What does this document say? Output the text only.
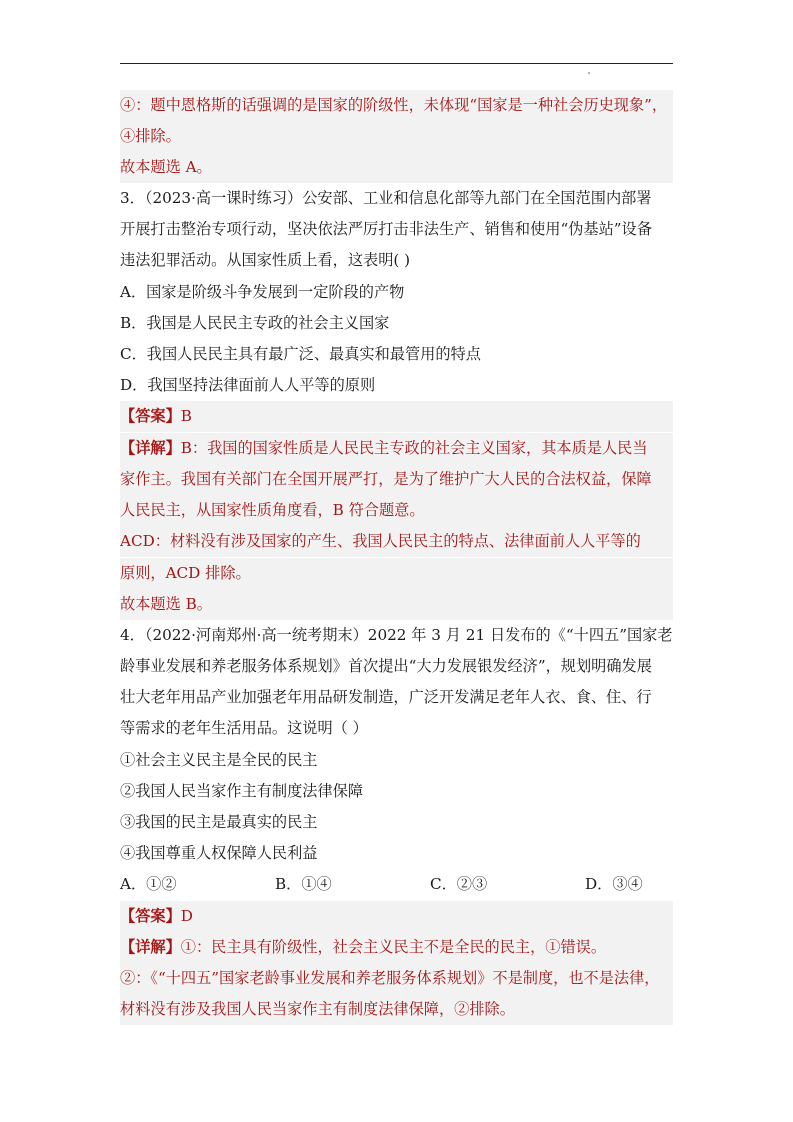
④：题中恩格斯的话强调的是国家的阶级性，未体现“国家是一种社会历史现象”，
④排除。
故本题选 A。
3．（2023·高一课时练习）公安部、工业和信息化部等九部门在全国范围内部署
开展打击整治专项行动，坚决依法严厉打击非法生产、销售和使用“伪基站”设备
违法犯罪活动。从国家性质上看，这表明( )
A．国家是阶级斗争发展到一定阶段的产物
B．我国是人民民主专政的社会主义国家
C．我国人民民主具有最广泛、最真实和最管用的特点
D．我国坚持法律面前人人平等的原则
【答案】B
【详解】B：我国的国家性质是人民民主专政的社会主义国家，其本质是人民当
家作主。我国有关部门在全国开展严打，是为了维护广大人民的合法权益，保障
人民民主，从国家性质角度看，B 符合题意。
ACD：材料没有涉及国家的产生、我国人民民主的特点、法律面前人人平等的
原则，ACD 排除。
故本题选 B。
4．（2022·河南郑州·高一统考期末）2022 年 3 月 21 日发布的《“十四五”国家老
龄事业发展和养老服务体系规划》首次提出“大力发展银发经济”，规划明确发展
壮大老年用品产业加强老年用品研发制造，广泛开发满足老年人衣、食、住、行
等需求的老年生活用品。这说明（ ）
①社会主义民主是全民的民主
②我国人民当家作主有制度法律保障
③我国的民主是最真实的民主
④我国尊重人权保障人民利益
A．①②	B．①④	C．②③	D．③④
【答案】D
【详解】①：民主具有阶级性，社会主义民主不是全民的民主，①错误。
②：《“十四五”国家老龄事业发展和养老服务体系规划》不是制度，也不是法律，
材料没有涉及我国人民当家作主有制度法律保障，②排除。
